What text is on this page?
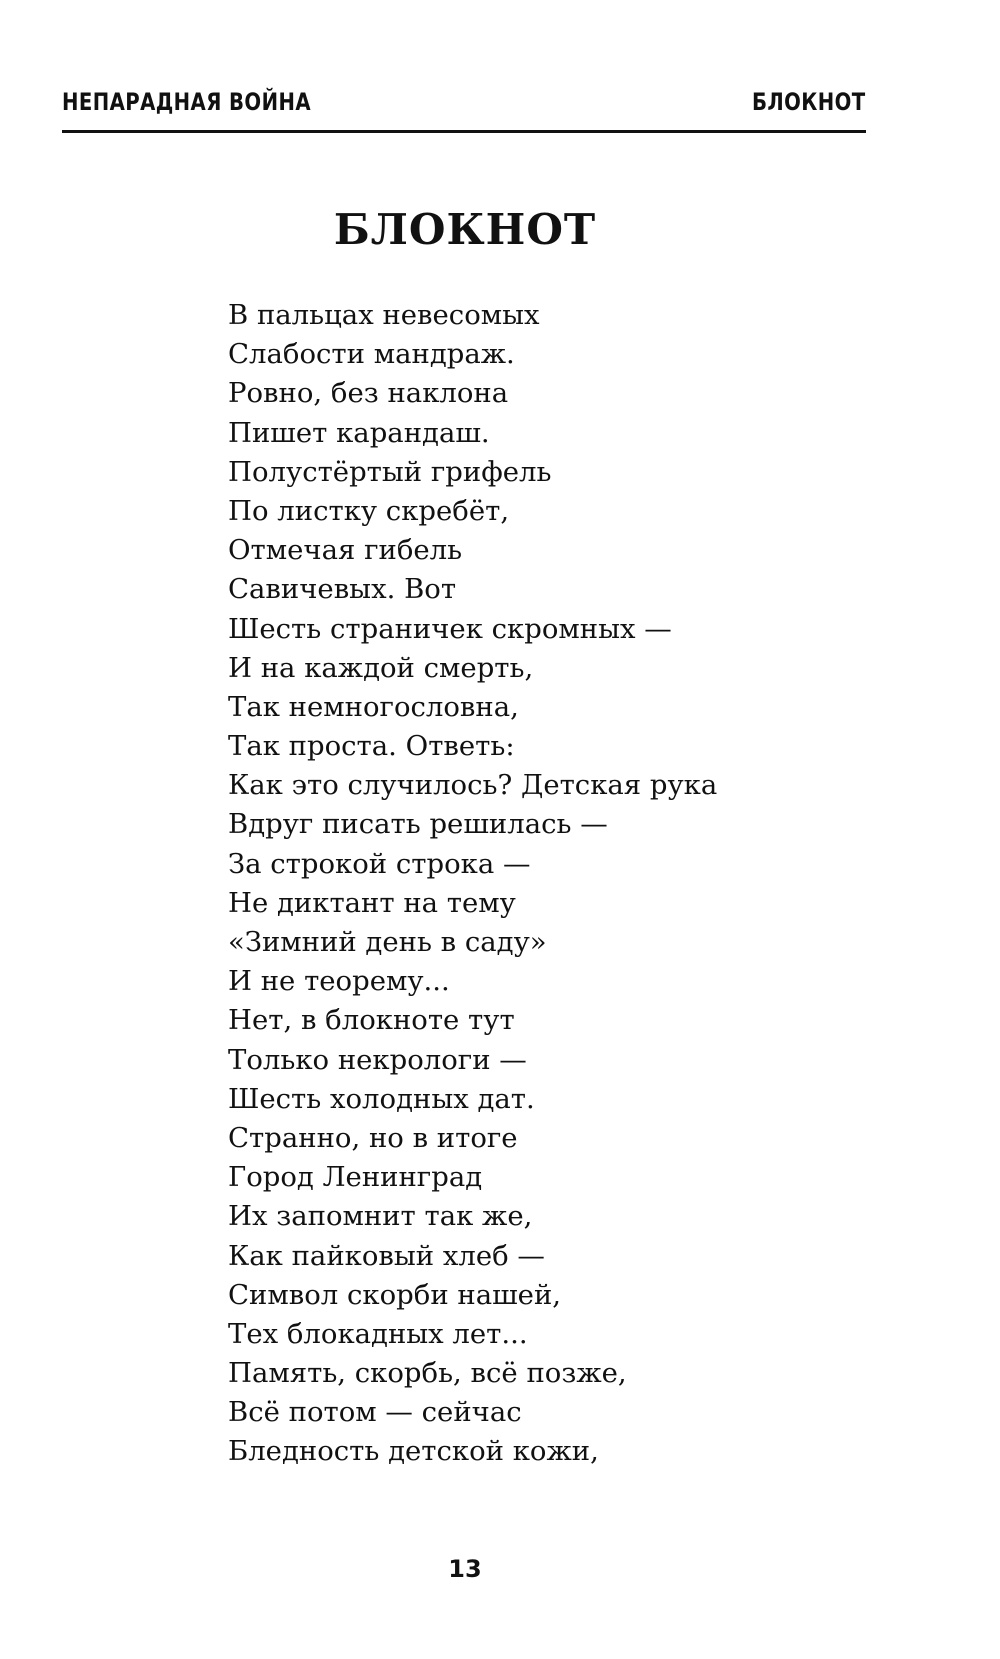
НЕПАРАДНАЯ ВОЙНА	БЛОКНОТ
БЛОКНОТ
В пальцах невесомых
Слабости мандраж.
Ровно, без наклона
Пишет карандаш.
Полустёртый грифель
По листку скребёт,
Отмечая гибель
Савичевых. Вот
Шесть страничек скромных —
И на каждой смерть,
Так немногословна,
Так проста. Ответь:
Как это случилось? Детская рука
Вдруг писать решилась —
За строкой строка —
Не диктант на тему
«Зимний день в саду»
И не теорему...
Нет, в блокноте тут
Только некрологи —
Шесть холодных дат.
Странно, но в итоге
Город Ленинград
Их запомнит так же,
Как пайковый хлеб —
Символ скорби нашей,
Тех блокадных лет...
Память, скорбь, всё позже,
Всё потом — сейчас
Бледность детской кожи,
13
